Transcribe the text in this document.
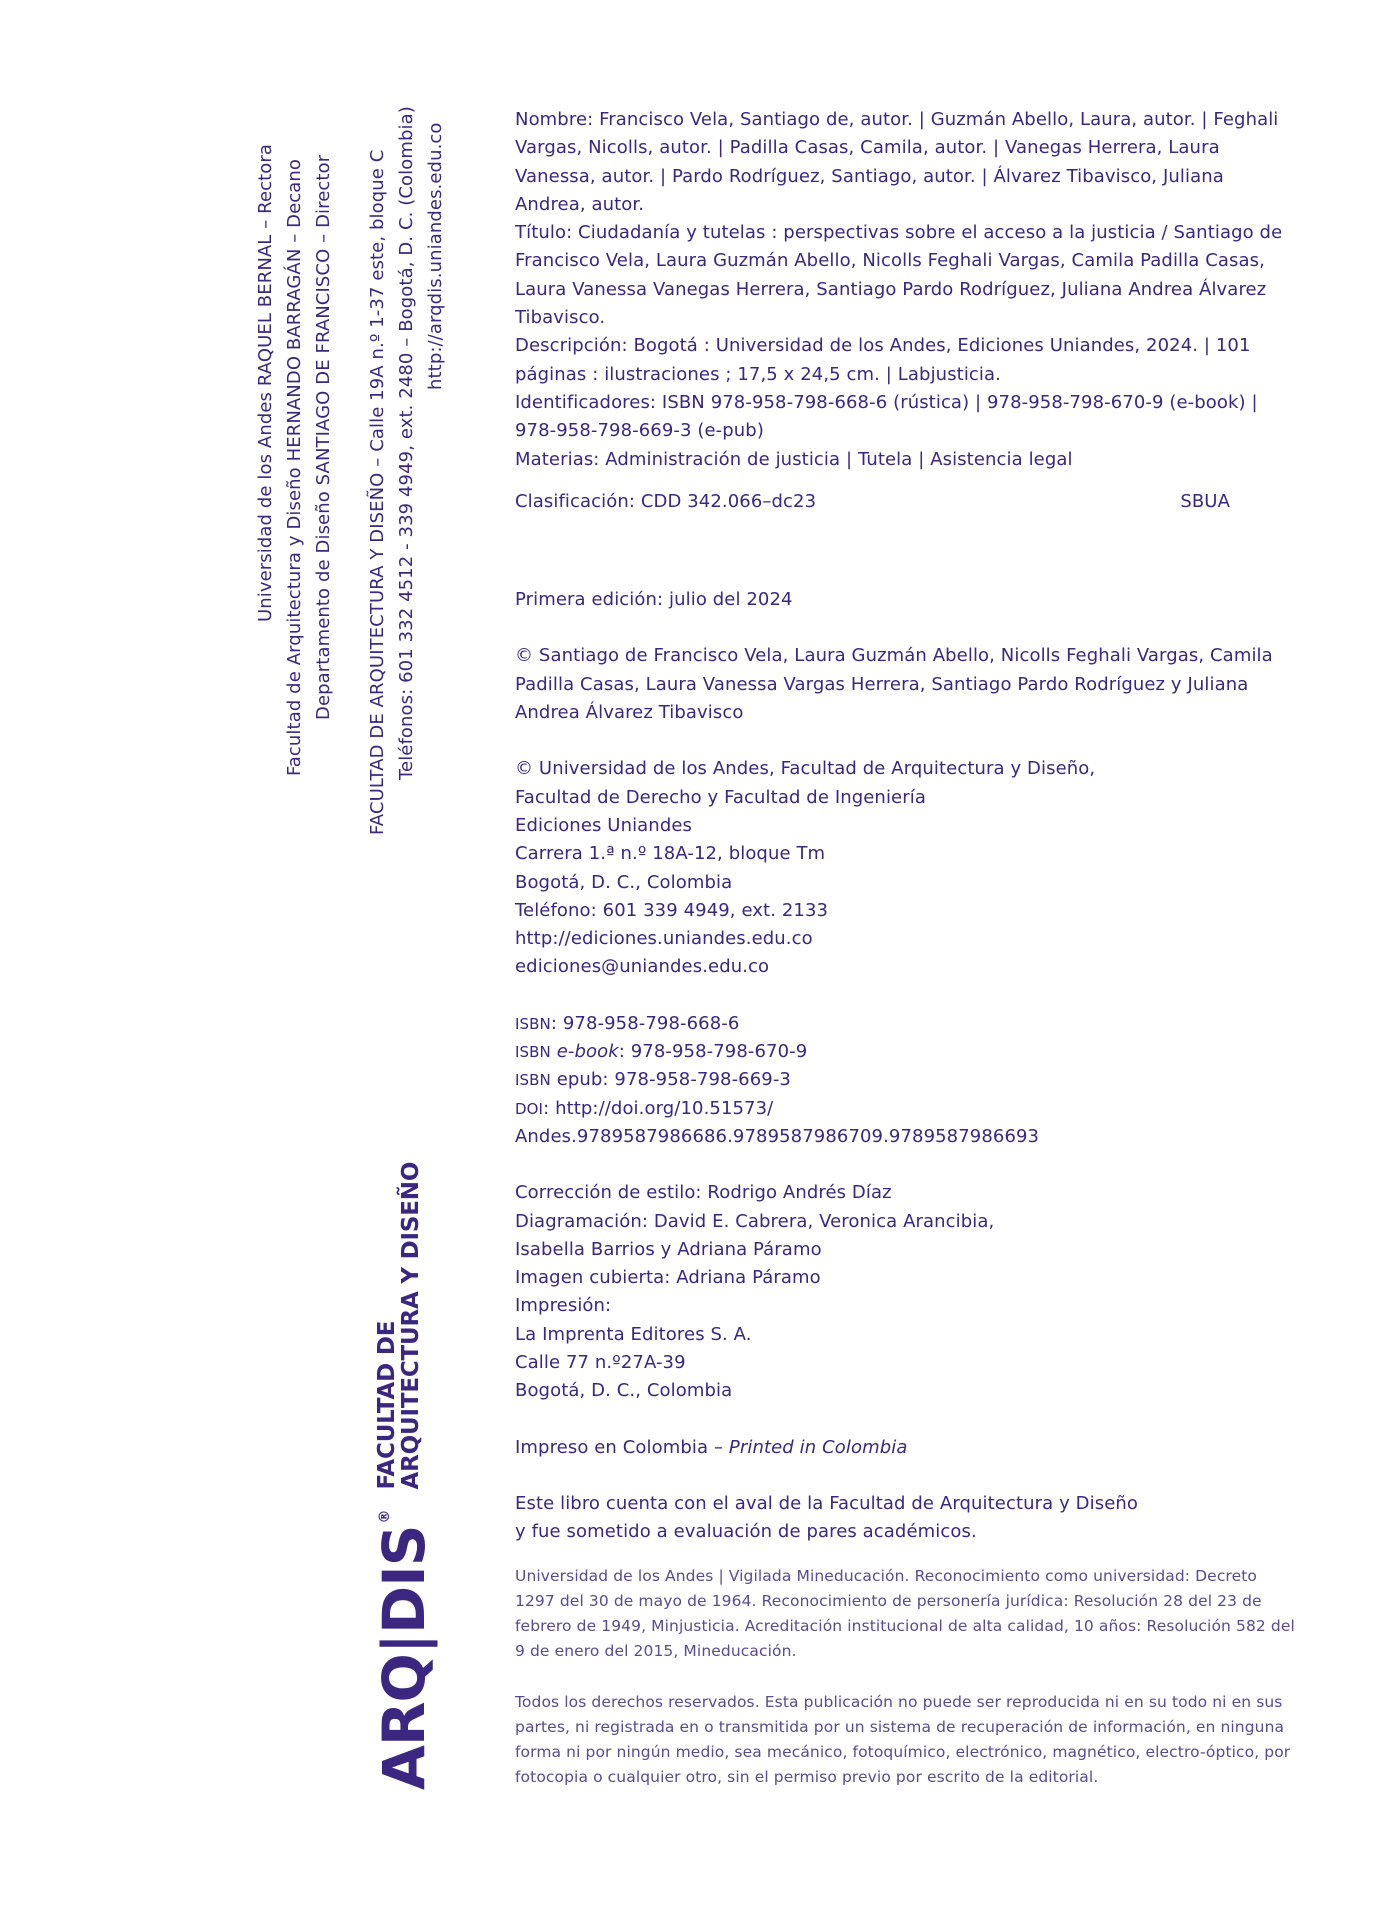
Universidad de los Andes RAQUEL BERNAL – Rectora Facultad de Arquitectura y Diseño HERNANDO BARRAGÁN – Decano Departamento de Diseño SANTIAGO DE FRANCISCO – Director FACULTAD DE ARQUITECTURA Y DISEÑO – Calle 19A n.º 1-37 este, bloque C Teléfonos: 601 332 4512 - 339 4949, ext. 2480 – Bogotá, D. C. (Colombia) http://arqdis.uniandes.edu.co
ARQ|DIS
®
FACULTAD DE
ARQUITECTURA Y DISEÑO

Nombre: Francisco Vela, Santiago de, autor. | Guzmán Abello, Laura, autor. | Feghali Vargas, Nicolls, autor. | Padilla Casas, Camila, autor. | Vanegas Herrera, Laura Vanessa, autor. | Pardo Rodríguez, Santiago, autor. | Álvarez Tibavisco, Juliana Andrea, autor.

Título: Ciudadanía y tutelas : perspectivas sobre el acceso a la justicia / Santiago de Francisco Vela, Laura Guzmán Abello, Nicolls Feghali Vargas, Camila Padilla Casas, Laura Vanessa Vanegas Herrera, Santiago Pardo Rodríguez, Juliana Andrea Álvarez Tibavisco.

Descripción: Bogotá : Universidad de los Andes, Ediciones Uniandes, 2024. | 101 páginas : ilustraciones ; 17,5 x 24,5 cm. | Labjusticia.

Identificadores: ISBN 978-958-798-668-6 (rústica) | 978-958-798-670-9 (e-book) | 978-958-798-669-3 (e-pub)

Materias: Administración de justicia | Tutela | Asistencia legal

Clasificación: CDD 342.066–dc23	SBUA

Primera edición: julio del 2024

© Santiago de Francisco Vela, Laura Guzmán Abello, Nicolls Feghali Vargas, Camila Padilla Casas, Laura Vanessa Vargas Herrera, Santiago Pardo Rodríguez y Juliana Andrea Álvarez Tibavisco

© Universidad de los Andes, Facultad de Arquitectura y Diseño,

Facultad de Derecho y Facultad de Ingeniería

Ediciones Uniandes

Carrera 1.ª n.º 18A-12, bloque Tm

Bogotá, D. C., Colombia

Teléfono: 601 339 4949, ext. 2133

http://ediciones.uniandes.edu.co

ediciones@uniandes.edu.co

ISBN: 978-958-798-668-6

ISBN e-book: 978-958-798-670-9

ISBN epub: 978-958-798-669-3

DOI: http://doi.org/10.51573/

Andes.9789587986686.9789587986709.9789587986693

Corrección de estilo: Rodrigo Andrés Díaz

Diagramación: David E. Cabrera, Veronica Arancibia,

Isabella Barrios y Adriana Páramo

Imagen cubierta: Adriana Páramo

Impresión:

La Imprenta Editores S. A.

Calle 77 n.º27A-39

Bogotá, D. C., Colombia

Impreso en Colombia – Printed in Colombia

Este libro cuenta con el aval de la Facultad de Arquitectura y Diseño

y fue sometido a evaluación de pares académicos.

Universidad de los Andes | Vigilada Mineducación. Reconocimiento como universidad: Decreto 1297 del 30 de mayo de 1964. Reconocimiento de personería jurídica: Resolución 28 del 23 de febrero de 1949, Minjusticia. Acreditación institucional de alta calidad, 10 años: Resolución 582 del 9 de enero del 2015, Mineducación.

Todos los derechos reservados. Esta publicación no puede ser reproducida ni en su todo ni en sus partes, ni registrada en o transmitida por un sistema de recuperación de información, en ninguna forma ni por ningún medio, sea mecánico, fotoquímico, electrónico, magnético, electro-óptico, por fotocopia o cualquier otro, sin el permiso previo por escrito de la editorial.
